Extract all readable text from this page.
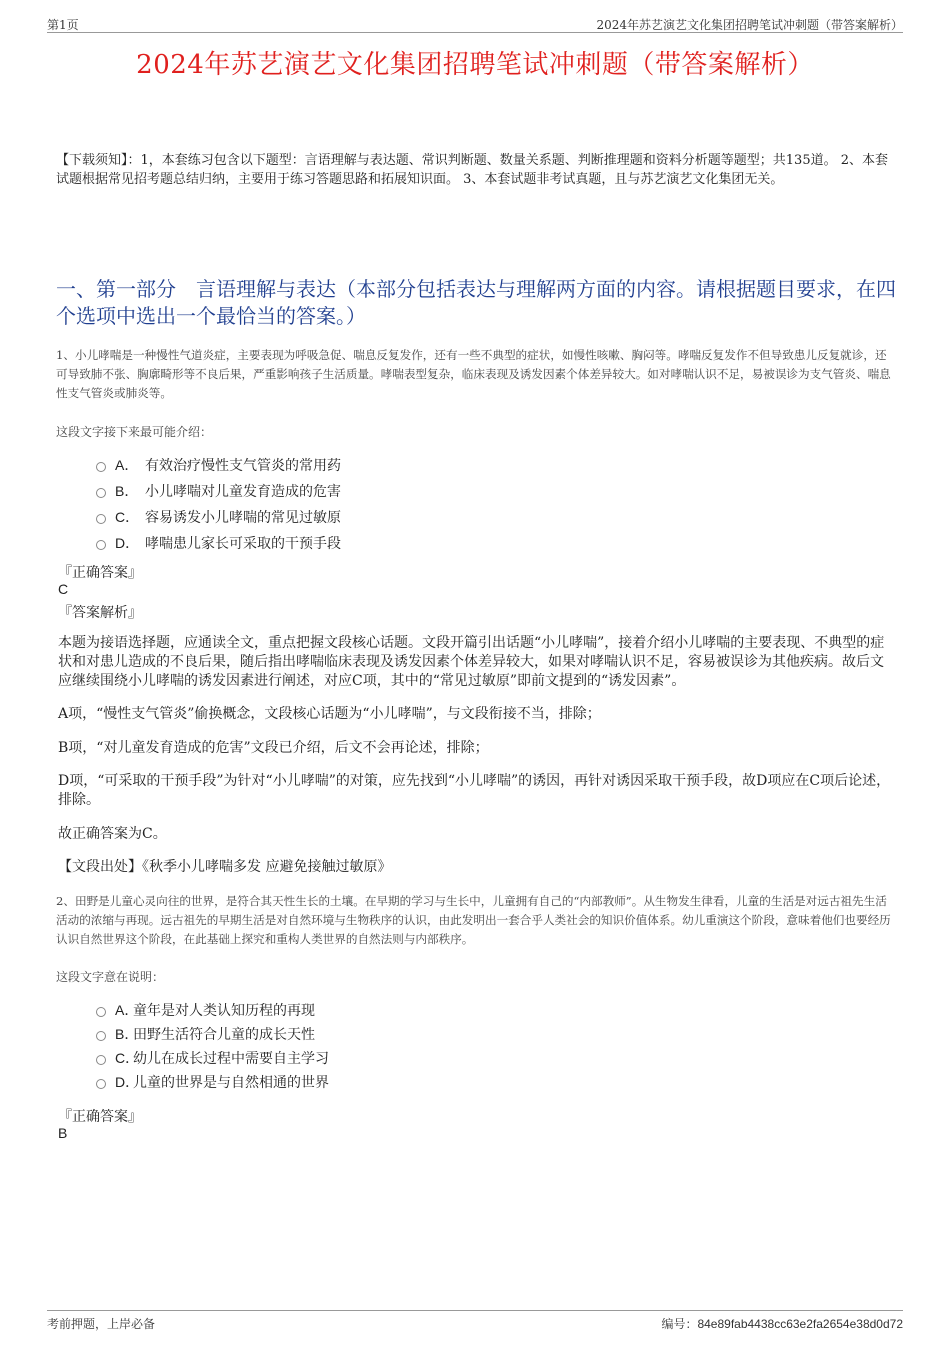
第1页	2024年苏艺演艺文化集团招聘笔试冲刺题（带答案解析）
2024年苏艺演艺文化集团招聘笔试冲刺题（带答案解析）
【下载须知】：1，本套练习包含以下题型：言语理解与表达题、常识判断题、数量关系题、判断推理题和资料分析题等题型；共135道。 2、本套试题根据常见招考题总结归纳，主要用于练习答题思路和拓展知识面。 3、本套试题非考试真题，且与苏艺演艺文化集团无关。
一、第一部分　言语理解与表达（本部分包括表达与理解两方面的内容。请根据题目要求，在四个选项中选出一个最恰当的答案。）
1、小儿哮喘是一种慢性气道炎症，主要表现为呼吸急促、喘息反复发作，还有一些不典型的症状，如慢性咳嗽、胸闷等。哮喘反复发作不但导致患儿反复就诊，还可导致肺不张、胸廓畸形等不良后果，严重影响孩子生活质量。哮喘表型复杂，临床表现及诱发因素个体差异较大。如对哮喘认识不足，易被误诊为支气管炎、喘息性支气管炎或肺炎等。
这段文字接下来最可能介绍：
A． 有效治疗慢性支气管炎的常用药
B． 小儿哮喘对儿童发育造成的危害
C． 容易诱发小儿哮喘的常见过敏原
D． 哮喘患儿家长可采取的干预手段
『正确答案』
C
『答案解析』
本题为接语选择题，应通读全文，重点把握文段核心话题。文段开篇引出话题“小儿哮喘”，接着介绍小儿哮喘的主要表现、不典型的症状和对患儿造成的不良后果，随后指出哮喘临床表现及诱发因素个体差异较大，如果对哮喘认识不足，容易被误诊为其他疾病。故后文应继续围绕小儿哮喘的诱发因素进行阐述，对应C项，其中的“常见过敏原”即前文提到的“诱发因素”。
A项，“慢性支气管炎”偷换概念，文段核心话题为“小儿哮喘”，与文段衔接不当，排除；
B项，“对儿童发育造成的危害”文段已介绍，后文不会再论述，排除；
D项，“可采取的干预手段”为针对“小儿哮喘”的对策，应先找到“小儿哮喘”的诱因，再针对诱因采取干预手段，故D项应在C项后论述，排除。
故正确答案为C。
【文段出处】《秋季小儿哮喘多发 应避免接触过敏原》
2、田野是儿童心灵向往的世界，是符合其天性生长的土壤。在早期的学习与生长中，儿童拥有自己的“内部教师”。从生物发生律看，儿童的生活是对远古祖先生活活动的浓缩与再现。远古祖先的早期生活是对自然环境与生物秩序的认识，由此发明出一套合乎人类社会的知识价值体系。幼儿重演这个阶段，意味着他们也要经历认识自然世界这个阶段，在此基础上探究和重构人类世界的自然法则与内部秩序。
这段文字意在说明：
A．
童年是对人类认知历程的再现
B．
田野生活符合儿童的成长天性
C．
幼儿在成长过程中需要自主学习
D．
儿童的世界是与自然相通的世界
『正确答案』
B
考前押题，上岸必备	编号：84e89fab4438cc63e2fa2654e38d0d72
